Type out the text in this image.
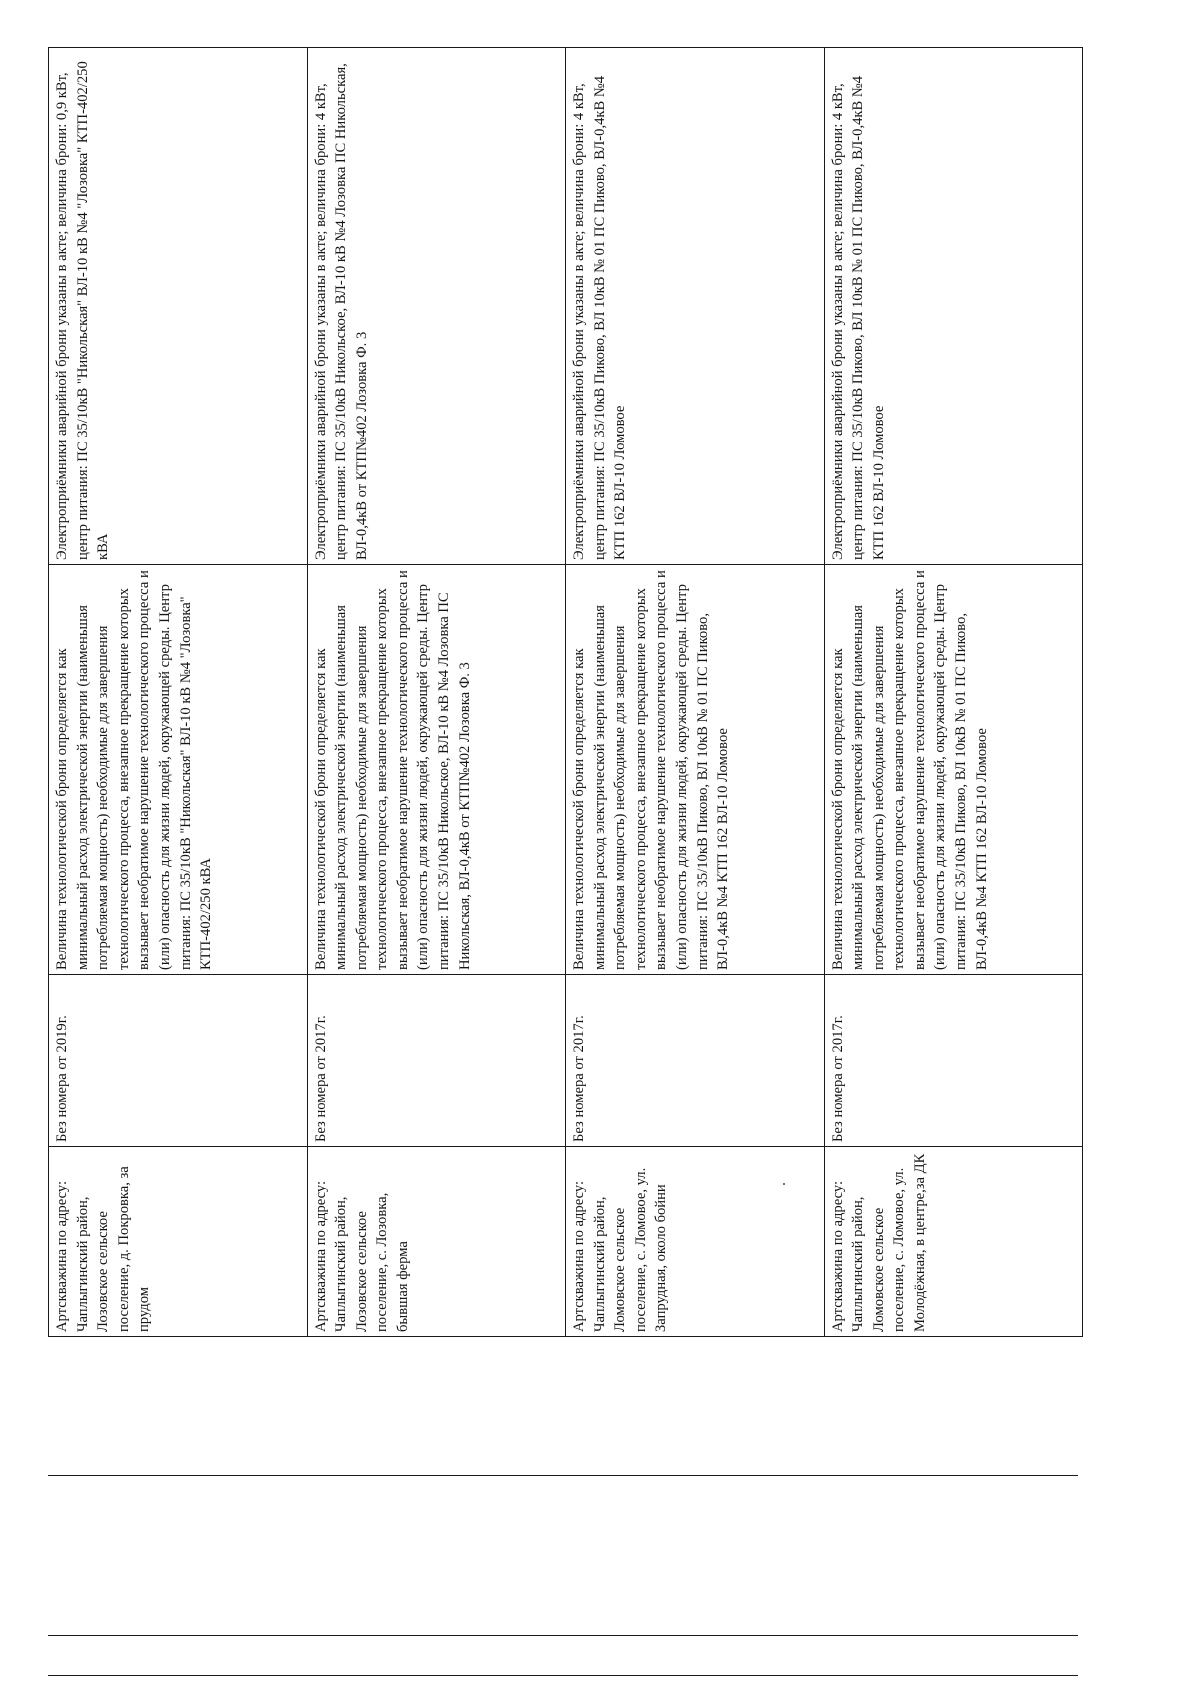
Артскважина по адресу: Чаплыгинский район, Лозовское сельское поселение, д. Покровка, за прудом	Без номера от 2019г.	Величина технологической брони определяется как минимальный расход электрической энергии (наименьшая потребляемая мощность) необходимые для завершения технологического процесса, внезапное прекращение которых вызывает необратимое нарушение технологического процесса и (или) опасность для жизни людей, окружающей среды. Центр питания: ПС 35/10кВ "Никольская" ВЛ-10 кВ №4 "Лозовка" КТП-402/250 кВА	Электроприёмники аварийной брони указаны в акте; величина брони: 0,9 кВт, центр питания: ПС 35/10кВ "Никольская" ВЛ-10 кВ №4 "Лозовка" КТП-402/250 кВА
Артскважина по адресу: Чаплыгинский район, Лозовское сельское поселение, с. Лозовка, бывшая ферма	Без номера от 2017г.	Величина технологической брони определяется как минимальный расход электрической энергии (наименьшая потребляемая мощность) необходимые для завершения технологического процесса, внезапное прекращение которых вызывает необратимое нарушение технологического процесса и (или) опасность для жизни людей, окружающей среды. Центр питания: ПС 35/10кВ Никольское, ВЛ-10 кВ №4 Лозовка ПС Никольская, ВЛ-0,4кВ от КТП№402 Лозовка Ф. 3	Электроприёмники аварийной брони указаны в акте; величина брони: 4 кВт, центр питания: ПС 35/10кВ Никольское, ВЛ-10 кВ №4 Лозовка ПС Никольская, ВЛ-0,4кВ от КТП№402 Лозовка Ф. 3
Артскважина по адресу: Чаплыгинский район, Ломовское сельское поселение, с. Ломовое, ул. Запрудная, около бойни	Без номера от 2017г.	Величина технологической брони определяется как минимальный расход электрической энергии (наименьшая потребляемая мощность) необходимые для завершения технологического процесса, внезапное прекращение которых вызывает необратимое нарушение технологического процесса и (или) опасность для жизни людей, окружающей среды. Центр питания: ПС 35/10кВ Пиково, ВЛ 10кВ № 01 ПС Пиково, ВЛ-0,4кВ №4 КТП 162 ВЛ-10 Ломовое	Электроприёмники аварийной брони указаны в акте; величина брони: 4 кВт, центр питания: ПС 35/10кВ Пиково, ВЛ 10кВ № 01 ПС Пиково, ВЛ-0,4кВ №4 КТП 162 ВЛ-10 Ломовое
Артскважина по адресу: Чаплыгинский район, Ломовское сельское поселение, с. Ломовое, ул. Молодёжная, в центре,за ДК	Без номера от 2017г.	Величина технологической брони определяется как минимальный расход электрической энергии (наименьшая потребляемая мощность) необходимые для завершения технологического процесса, внезапное прекращение которых вызывает необратимое нарушение технологического процесса и (или) опасность для жизни людей, окружающей среды. Центр питания: ПС 35/10кВ Пиково, ВЛ 10кВ № 01 ПС Пиково, ВЛ-0,4кВ №4 КТП 162 ВЛ-10 Ломовое	Электроприёмники аварийной брони указаны в акте; величина брони: 4 кВт, центр питания: ПС 35/10кВ Пиково, ВЛ 10кВ № 01 ПС Пиково, ВЛ-0,4кВ №4 КТП 162 ВЛ-10 Ломовое
